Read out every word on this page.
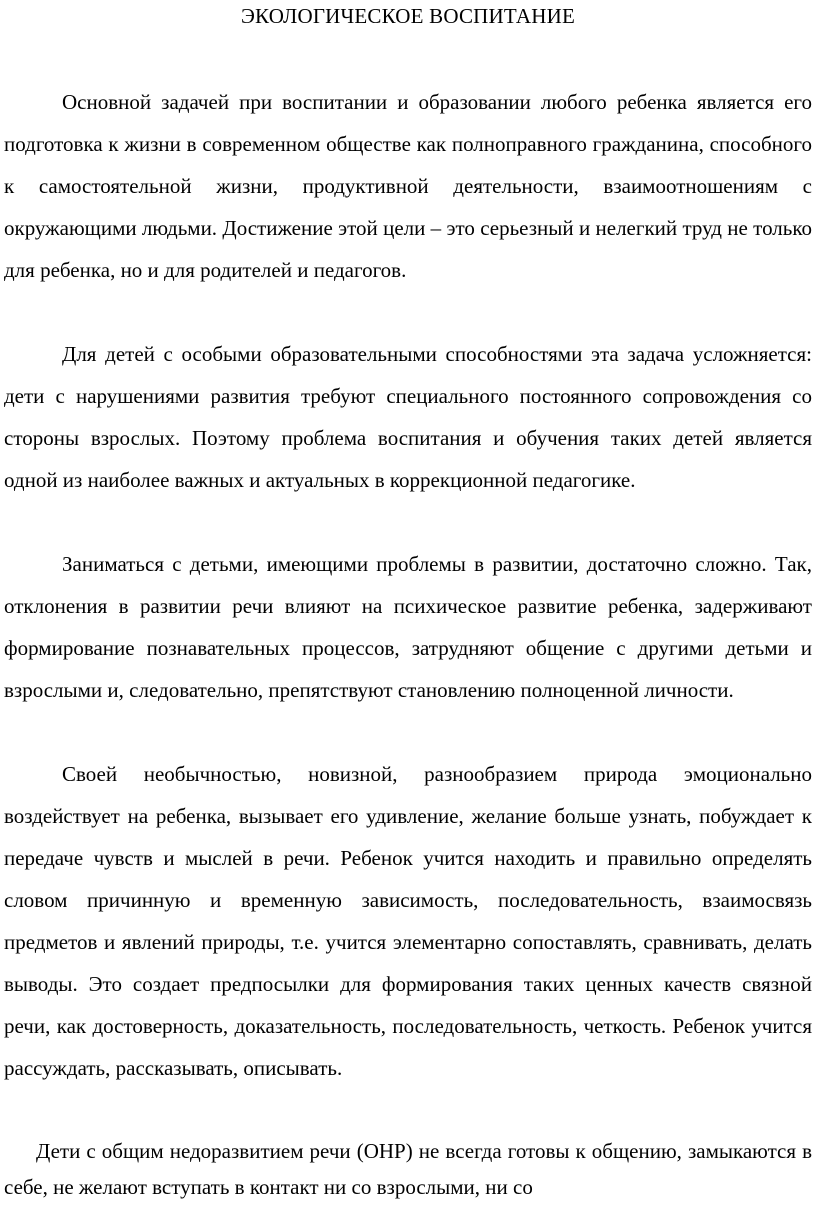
ЭКОЛОГИЧЕСКОЕ ВОСПИТАНИЕ

Основной задачей при воспитании и образовании любого ребенка является его подготовка к жизни в современном обществе как полноправного гражданина, способного к самостоятельной жизни, продуктивной деятельности, взаимоотношениям с окружающими людьми. Достижение этой цели – это серьезный и нелегкий труд не только для ребенка, но и для родителей и педагогов.

Для детей с особыми образовательными способностями эта задача усложняется: дети с нарушениями развития требуют специального постоянного сопровождения со стороны взрослых. Поэтому проблема воспитания и обучения таких детей является одной из наиболее важных и актуальных в коррекционной педагогике.

Заниматься с детьми, имеющими проблемы в развитии, достаточно сложно. Так, отклонения в развитии речи влияют на психическое развитие ребенка, задерживают формирование познавательных процессов, затрудняют общение с другими детьми и взрослыми и, следовательно, препятствуют становлению полноценной личности.

Своей необычностью, новизной, разнообразием природа эмоционально воздействует на ребенка, вызывает его удивление, желание больше узнать, побуждает к передаче чувств и мыслей в речи. Ребенок учится находить и правильно определять словом причинную и временную зависимость, последовательность, взаимосвязь предметов и явлений природы, т.е. учится элементарно сопоставлять, сравнивать, делать выводы. Это создает предпосылки для формирования таких ценных качеств связной речи, как достоверность, доказательность, последовательность, четкость. Ребенок учится рассуждать, рассказывать, описывать.

Дети с общим недоразвитием речи (ОНР) не всегда готовы к общению, замыкаются в себе, не желают вступать в контакт ни со взрослыми, ни со
